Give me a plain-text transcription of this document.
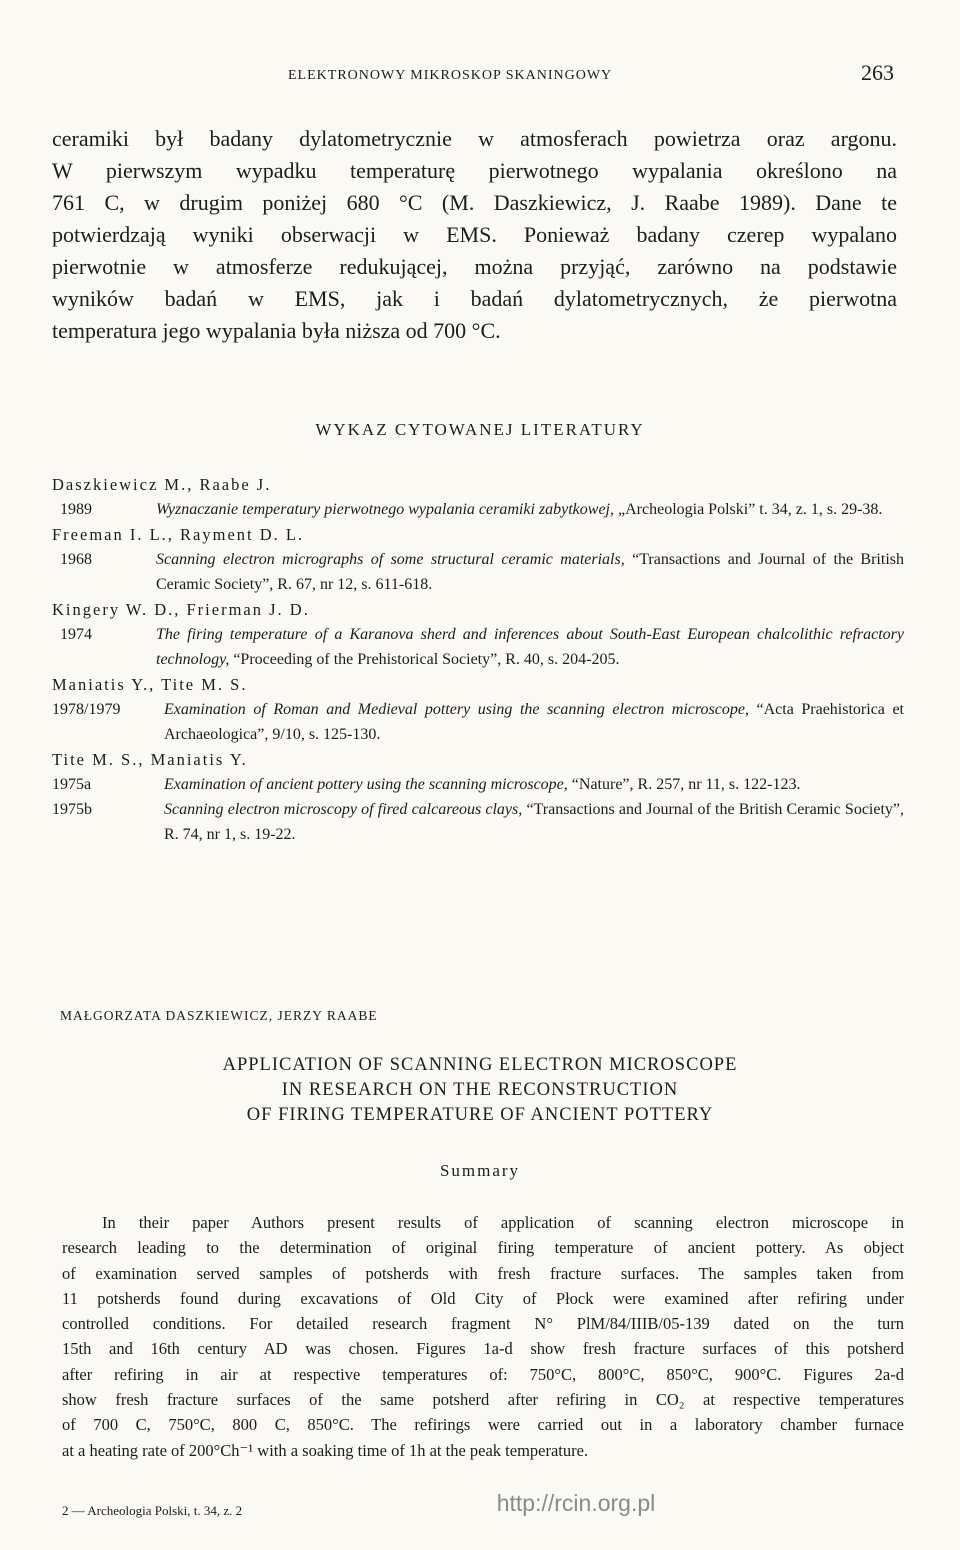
ELEKTRONOWY MIKROSKOP SKANINGOWY	263

ceramiki był badany dylatometrycznie w atmosferach powietrza oraz argonu.
W pierwszym wypadku temperaturę pierwotnego wypalania określono na
761 C, w drugim poniżej 680 °C (M. Daszkiewicz, J. Raabe 1989). Dane te
potwierdzają wyniki obserwacji w EMS. Ponieważ badany czerep wypalano
pierwotnie w atmosferze redukującej, można przyjąć, zarówno na podstawie
wyników badań w EMS, jak i badań dylatometrycznych, że pierwotna
temperatura jego wypalania była niższa od 700 °C.

WYKAZ CYTOWANEJ LITERATURY
Daszkiewicz M., Raabe J.
1989	Wyznaczanie temperatury pierwotnego wypalania ceramiki zabytkowej, „Archeologia Polski” t. 34, z. 1, s. 29-38.
Freeman I. L., Rayment D. L.
1968	Scanning electron micrographs of some structural ceramic materials, “Transactions and Journal of the British Ceramic Society”, R. 67, nr 12, s. 611-618.
Kingery W. D., Frierman J. D.
1974	The firing temperature of a Karanova sherd and inferences about South-East European chalcolithic refractory technology, “Proceeding of the Prehistorical Society”, R. 40, s. 204-205.
Maniatis Y., Tite M. S.
1978/1979	Examination of Roman and Medieval pottery using the scanning electron microscope, “Acta Praehistorica et Archaeologica”, 9/10, s. 125-130.
Tite M. S., Maniatis Y.
1975a	Examination of ancient pottery using the scanning microscope, “Nature”, R. 257, nr 11, s. 122-123.
1975b	Scanning electron microscopy of fired calcareous clays, “Transactions and Journal of the British Ceramic Society”, R. 74, nr 1, s. 19-22.
MAŁGORZATA DASZKIEWICZ, JERZY RAABE
APPLICATION OF SCANNING ELECTRON MICROSCOPE
IN RESEARCH ON THE RECONSTRUCTION
OF FIRING TEMPERATURE OF ANCIENT POTTERY
Summary
In their paper Authors present results of application of scanning electron microscope in
research leading to the determination of original firing temperature of ancient pottery. As object
of examination served samples of potsherds with fresh fracture surfaces. The samples taken from
11 potsherds found during excavations of Old City of Płock were examined after refiring under
controlled conditions. For detailed research fragment N° PlM/84/IIIB/05-139 dated on the turn
15th and 16th century AD was chosen. Figures 1a-d show fresh fracture surfaces of this potsherd
after refiring in air at respective temperatures of: 750°C, 800°C, 850°C, 900°C. Figures 2a-d
show fresh fracture surfaces of the same potsherd after refiring in CO₂ at respective temperatures
of 700 C, 750°C, 800 C, 850°C. The refirings were carried out in a laboratory chamber furnace
at a heating rate of 200°Ch⁻¹ with a soaking time of 1h at the peak temperature.
2 — Archeologia Polski, t. 34, z. 2	http://rcin.org.pl
